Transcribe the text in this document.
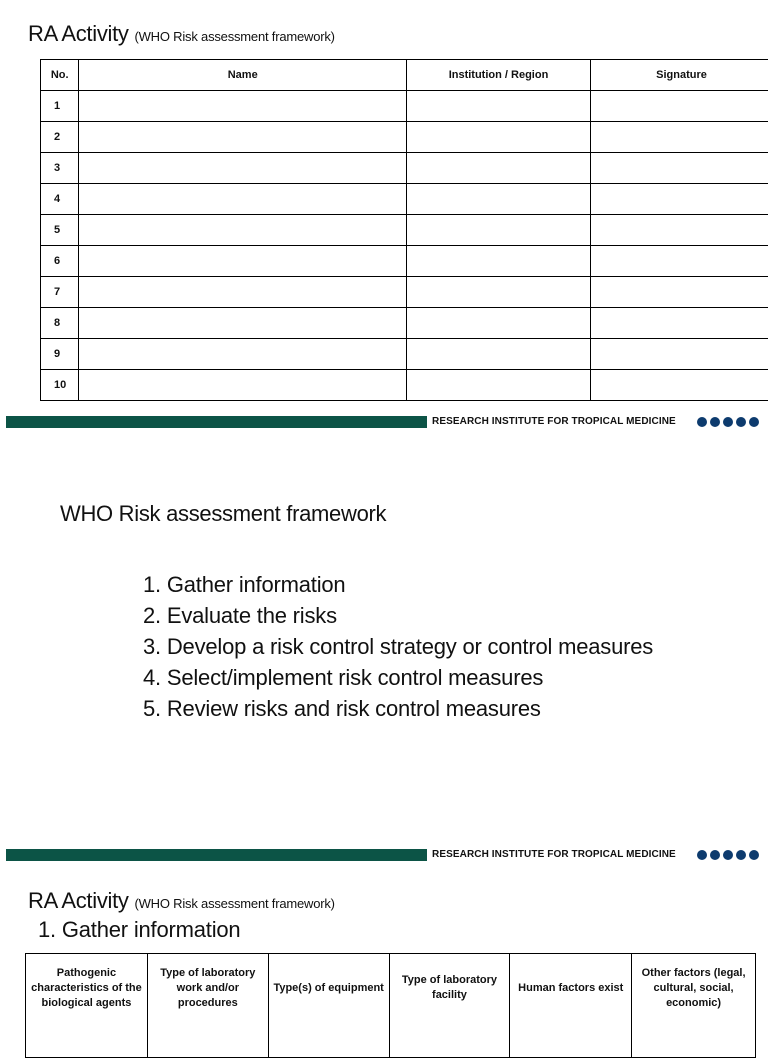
RA Activity (WHO Risk assessment framework)
No.	Name	Institution / Region	Signature
1			
2			
3			
4			
5			
6			
7			
8			
9			
10			
RESEARCH INSTITUTE FOR TROPICAL MEDICINE
WHO Risk assessment framework
1. Gather information
2. Evaluate the risks
3. Develop a risk control strategy or control measures
4. Select/implement risk control measures
5. Review risks and risk control measures
RESEARCH INSTITUTE FOR TROPICAL MEDICINE
RA Activity (WHO Risk assessment framework)
1. Gather information
Pathogenic characteristics of the biological agents	Type of laboratory work and/or procedures	Type(s) of equipment	Type of laboratory facility	Human factors exist	Other factors (legal, cultural, social, economic)
